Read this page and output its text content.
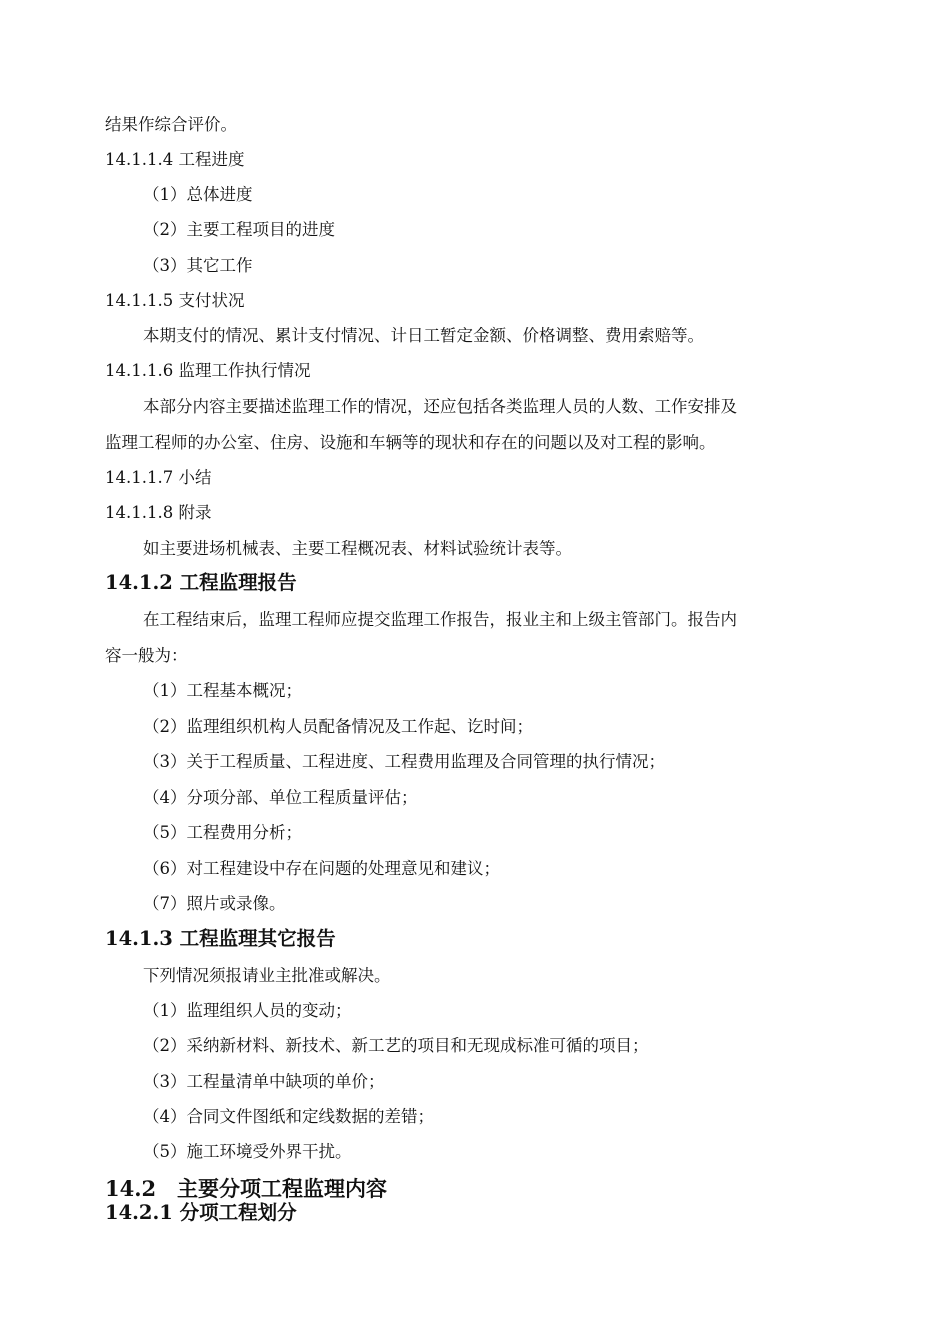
结果作综合评价。
14.1.1.4 工程进度
（1）总体进度
（2）主要工程项目的进度
（3）其它工作
14.1.1.5 支付状况
本期支付的情况、累计支付情况、计日工暂定金额、价格调整、费用索赔等。
14.1.1.6 监理工作执行情况
本部分内容主要描述监理工作的情况，还应包括各类监理人员的人数、工作安排及
监理工程师的办公室、住房、设施和车辆等的现状和存在的问题以及对工程的影响。
14.1.1.7 小结
14.1.1.8 附录
如主要进场机械表、主要工程概况表、材料试验统计表等。
14.1.2 工程监理报告
在工程结束后，监理工程师应提交监理工作报告，报业主和上级主管部门。报告内
容一般为：
（1）工程基本概况；
（2）监理组织机构人员配备情况及工作起、讫时间；
（3）关于工程质量、工程进度、工程费用监理及合同管理的执行情况；
（4）分项分部、单位工程质量评估；
（5）工程费用分析；
（6）对工程建设中存在问题的处理意见和建议；
（7）照片或录像。
14.1.3 工程监理其它报告
下列情况须报请业主批准或解决。
（1）监理组织人员的变动；
（2）采纳新材料、新技术、新工艺的项目和无现成标准可循的项目；
（3）工程量清单中缺项的单价；
（4）合同文件图纸和定线数据的差错；
（5）施工环境受外界干扰。
14.2 主要分项工程监理内容
14.2.1 分项工程划分
